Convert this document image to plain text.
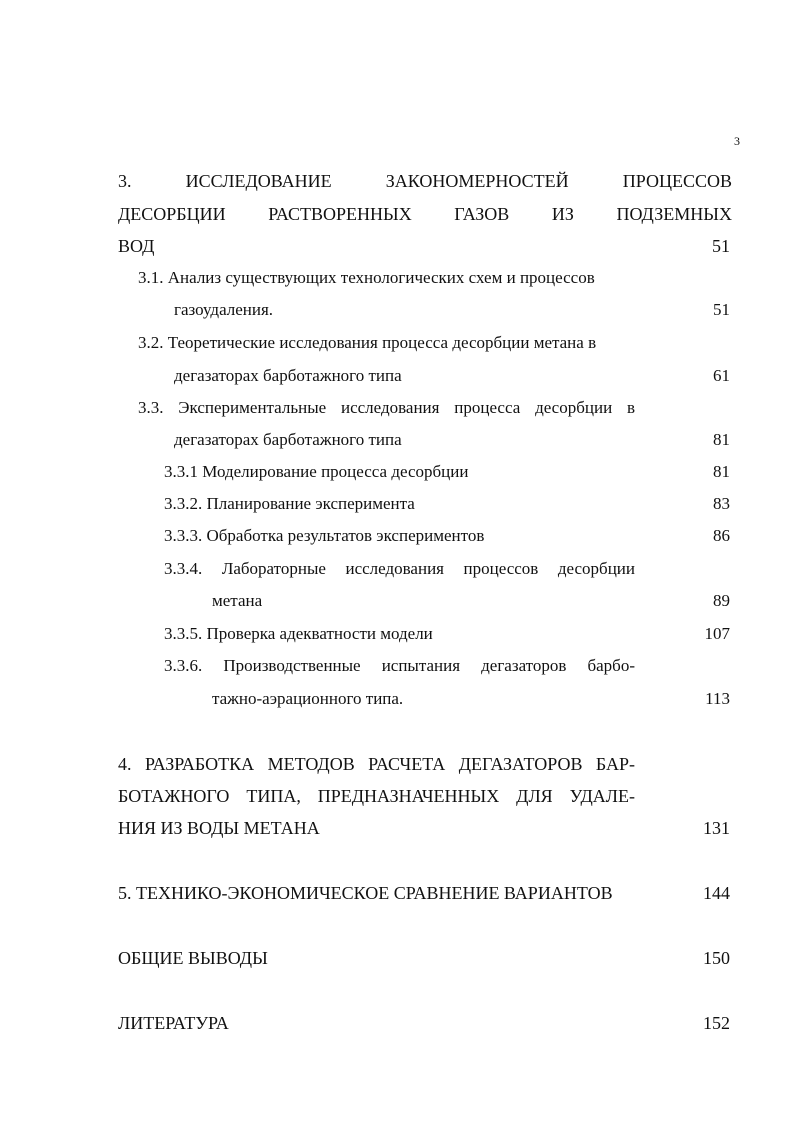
3
3. ИССЛЕДОВАНИЕ ЗАКОНОМЕРНОСТЕЙ ПРОЦЕССОВ
ДЕСОРБЦИИ РАСТВОРЕННЫХ ГАЗОВ ИЗ ПОДЗЕМНЫХ
ВОД	51
3.1. Анализ существующих технологических схем и процессов
газоудаления.	51
3.2. Теоретические исследования процесса десорбции метана в
дегазаторах барботажного типа	61
3.3. Экспериментальные исследования процесса десорбции в
дегазаторах барботажного типа	81
3.3.1 Моделирование процесса десорбции	81
3.3.2. Планирование эксперимента	83
3.3.3. Обработка результатов экспериментов	86
3.3.4. Лабораторные исследования процессов десорбции
метана	89
3.3.5. Проверка адекватности модели	107
3.3.6. Производственные испытания дегазаторов барбо-
тажно-аэрационного типа.	113
4. РАЗРАБОТКА МЕТОДОВ РАСЧЕТА ДЕГАЗАТОРОВ БАР-
БОТАЖНОГО ТИПА, ПРЕДНАЗНАЧЕННЫХ ДЛЯ УДАЛЕ-
НИЯ ИЗ ВОДЫ МЕТАНА	131
5. ТЕХНИКО-ЭКОНОМИЧЕСКОЕ СРАВНЕНИЕ ВАРИАНТОВ	144
ОБЩИЕ ВЫВОДЫ	150
ЛИТЕРАТУРА	152
